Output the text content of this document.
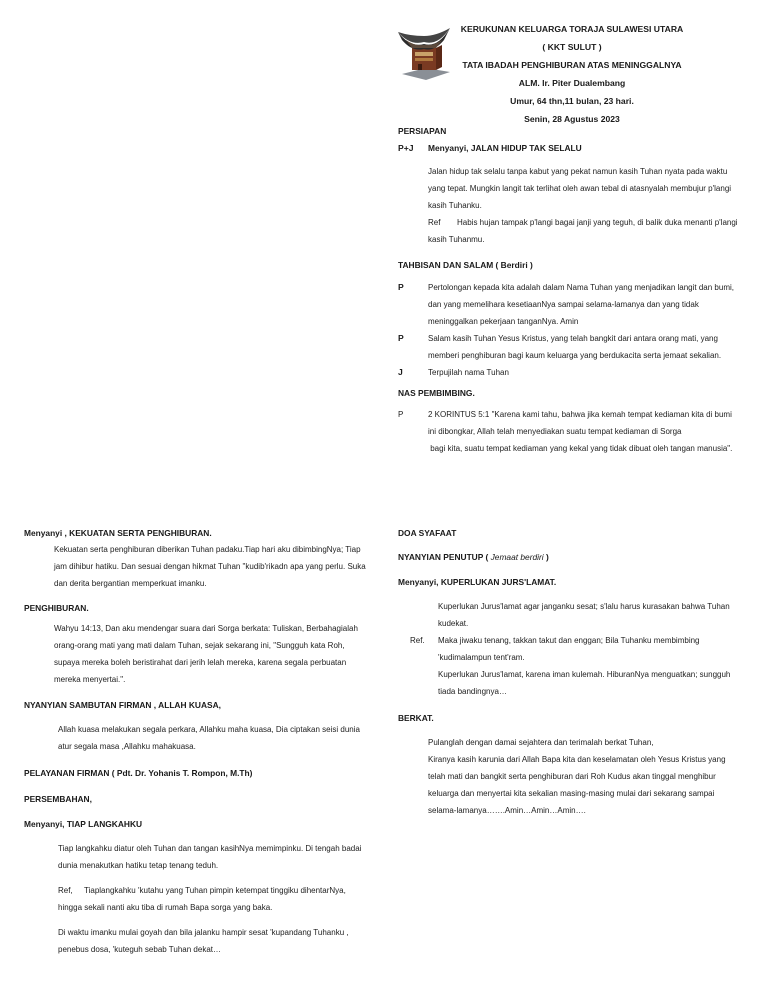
KERUKUNAN KELUARGA TORAJA SULAWESI UTARA
( KKT SULUT )
TATA IBADAH PENGHIBURAN ATAS MENINGGALNYA
ALM. Ir. Piter Dualembang
Umur, 64 thn,11 bulan, 23 hari.
Senin, 28 Agustus 2023
PERSIAPAN
P+J Menyanyi, JALAN HIDUP TAK SELALU
Jalan hidup tak selalu tanpa kabut yang pekat namun kasih Tuhan nyata pada waktu
yang tepat. Mungkin langit tak terlihat oleh awan tebal di atasnyalah membujur p'langi
kasih Tuhanku.
Ref Habis hujan tampak p'langi bagai janji yang teguh, di balik duka menanti p'langi
kasih Tuhanmu.
TAHBISAN DAN SALAM ( Berdiri )
P	Pertolongan kepada kita adalah dalam Nama Tuhan yang menjadikan langit dan bumi,
dan yang memelihara kesetiaanNya sampai selama-lamanya dan yang tidak
meninggalkan pekerjaan tanganNya. Amin
P	Salam kasih Tuhan Yesus Kristus, yang telah bangkit dari antara orang mati, yang
memberi penghiburan bagi kaum keluarga yang berdukacita serta jemaat sekalian.
J	Terpujilah nama Tuhan
NAS PEMBIMBING.
P	2 KORINTUS 5:1 "Karena kami tahu, bahwa jika kemah tempat kediaman kita di bumi
ini dibongkar, Allah telah menyediakan suatu tempat kediaman di Sorga
bagi kita, suatu tempat kediaman yang kekal yang tidak dibuat oleh tangan manusia".
Menyanyi , KEKUATAN SERTA PENGHIBURAN.
Kekuatan serta penghiburan diberikan Tuhan padaku.Tiap hari aku dibimbingNya; Tiap
jam dihibur hatiku. Dan sesuai dengan hikmat Tuhan "kudib'rikadn apa yang perlu. Suka
dan derita bergantian memperkuat imanku.
PENGHIBURAN.
Wahyu 14:13, Dan aku mendengar suara dari Sorga berkata: Tuliskan, Berbahagialah
orang-orang mati yang mati dalam Tuhan, sejak sekarang ini, "Sungguh kata Roh,
supaya mereka boleh beristirahat dari jerih lelah mereka, karena segala perbuatan
mereka menyertai.".
NYANYIAN SAMBUTAN FIRMAN , ALLAH KUASA,
Allah kuasa melakukan segala perkara, Allahku maha kuasa, Dia ciptakan seisi dunia
atur segala masa ,Allahku mahakuasa.
PELAYANAN FIRMAN ( Pdt. Dr. Yohanis T. Rompon, M.Th)
PERSEMBAHAN,
Menyanyi, TIAP LANGKAHKU
Tiap langkahku diatur oleh Tuhan dan tangan kasihNya memimpinku. Di tengah badai
dunia menakutkan hatiku tetap tenang teduh.
Ref, Tiaplangkahku 'kutahu yang Tuhan pimpin ketempat tinggiku dihentarNya,
hingga sekali nanti aku tiba di rumah Bapa sorga yang baka.
Di waktu imanku mulai goyah dan bila jalanku hampir sesat 'kupandang Tuhanku ,
penebus dosa, 'kuteguh sebab Tuhan dekat…
DOA SYAFAAT
NYANYIAN PENUTUP ( Jemaat berdiri )
Menyanyi, KUPERLUKAN JURS'LAMAT.
Kuperlukan Jurus'lamat agar janganku sesat; s'lalu harus kurasakan bahwa Tuhan
kudekat.
Ref. Maka jiwaku tenang, takkan takut dan enggan; Bila Tuhanku membimbing
'kudimalampun tent'ram.
Kuperlukan Jurus'lamat, karena iman kulemah. HiburanNya menguatkan; sungguh
tiada bandingnya…
BERKAT.
Pulanglah dengan damai sejahtera dan terimalah berkat Tuhan,
Kiranya kasih karunia dari Allah Bapa kita dan keselamatan oleh Yesus Kristus yang
telah mati dan bangkit serta penghiburan dari Roh Kudus akan tinggal menghibur
keluarga dan menyertai kita sekalian masing-masing mulai dari sekarang sampai
selama-lamanya…….Amin…Amin…Amin….
